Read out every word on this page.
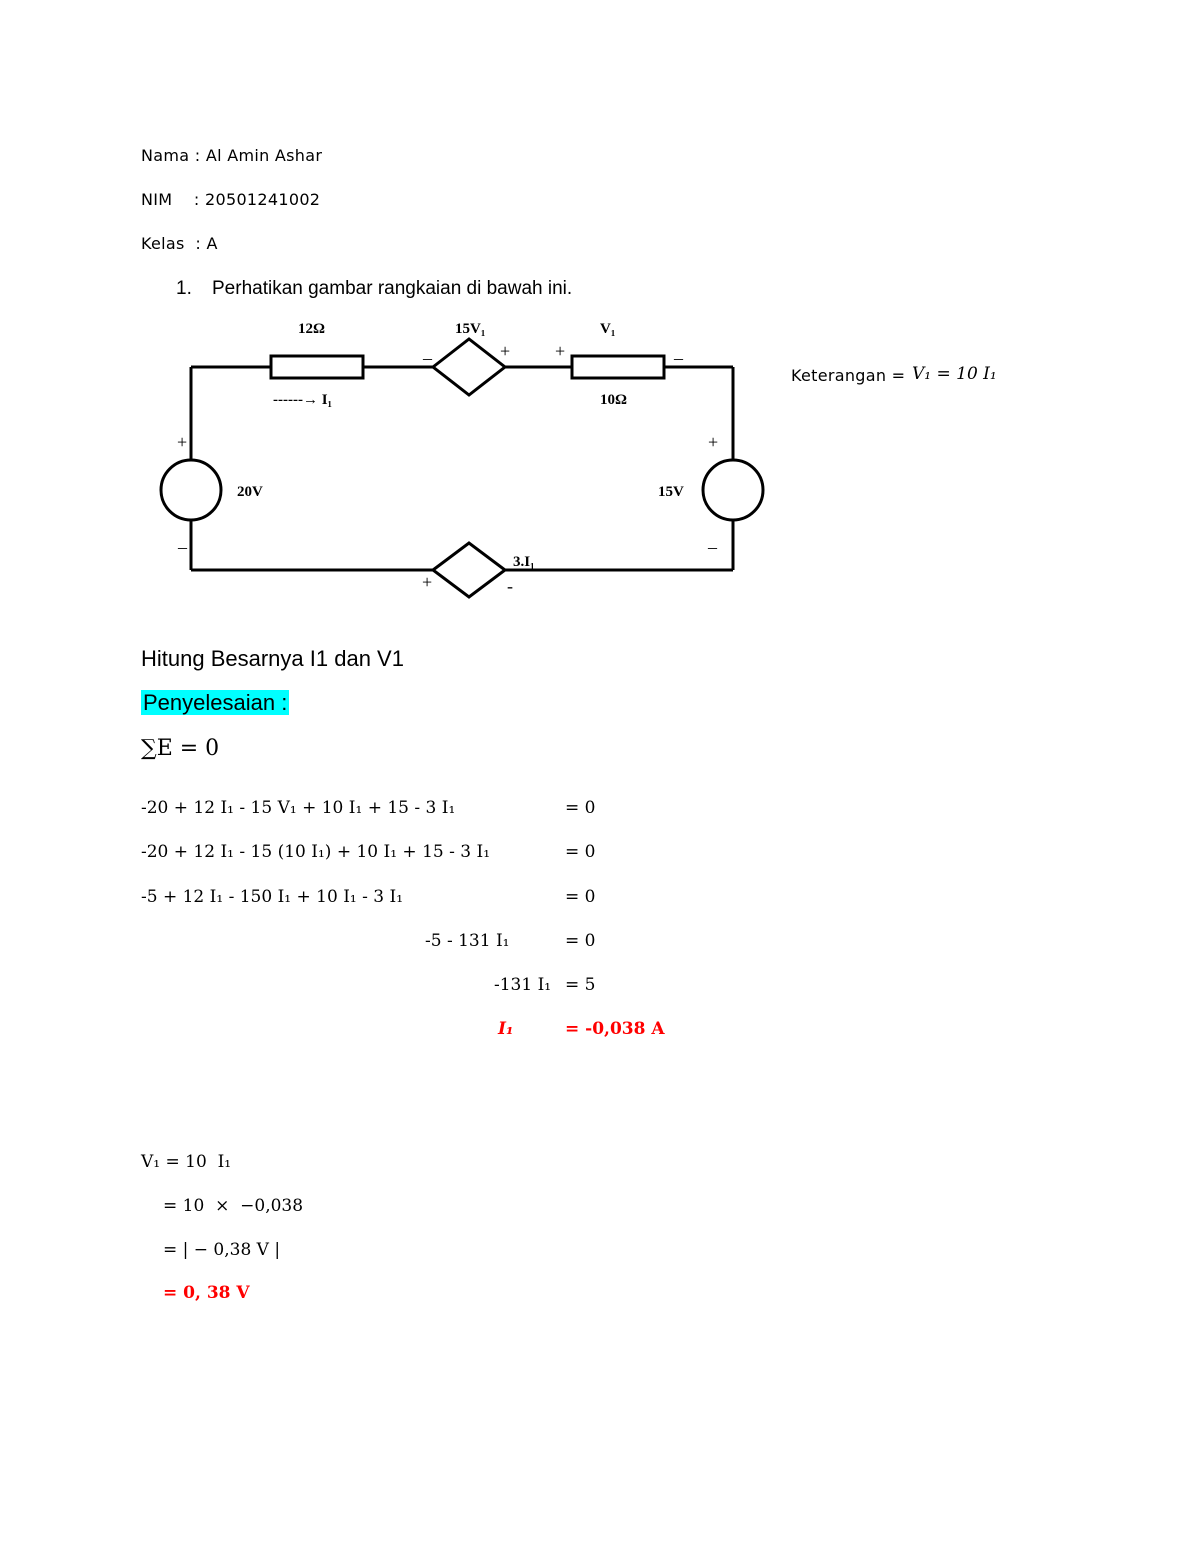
Nama : Al Amin Ashar
NIM    : 20501241002
Kelas  : A
1. Perhatikan gambar rangkaian di bawah ini.
12Ω	15V₁	V₁
10Ω
------→ I₁
20V	15V
3.I₁
+
–
–	+ +	–
+
–
+	-
Keterangan = V₁ = 10 I₁
Hitung Besarnya I1 dan V1
Penyelesaian :
∑E = 0
-20 + 12 I₁ - 15 V₁ + 10 I₁ + 15 - 3 I₁	= 0
-20 + 12 I₁ - 15 (10 I₁) + 10 I₁ + 15 - 3 I₁	= 0
-5 + 12 I₁ - 150 I₁ + 10 I₁ - 3 I₁	= 0
-5 - 131 I₁	= 0
-131 I₁ = 5
I₁	= -0,038 A
V₁ = 10  I₁
= 10  ×  −0,038
= | − 0,38 V |
= 0, 38 V
